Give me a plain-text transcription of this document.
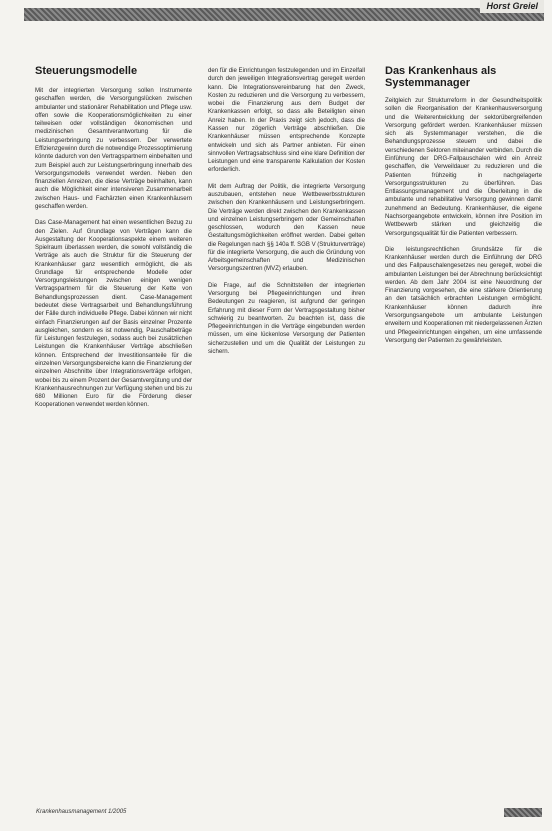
Horst Greiel
Steuerungsmodelle

Mit der integrierten Versorgung sollen Instrumente geschaffen werden, die Versorgungslücken zwischen ambulanter und stationärer Rehabilitation und Pflege usw. offen sowie die Kooperationsmöglichkeiten zu einer teilweisen oder vollständigen ökonomischen und medizinischen Gesamtverantwortung für die Leistungserbringung zu verbessern. Der verwertete Effizienzgewinn durch die notwendige Prozessoptimierung könnte dadurch von den Vertragspartnern einbehalten und zum Beispiel auch zur Leistungserbringung innerhalb des Versorgungsmodells verwendet werden. Neben den finanziellen Anreizen, die diese Verträge beinhalten, kann auch die Möglichkeit einer intensiveren Zusammenarbeit zwischen Haus- und Fachärzten einen Krankenhäusern geschaffen werden.

Das Case-Management hat einen wesentlichen Bezug zu den Zielen. Auf Grundlage von Verträgen kann die Ausgestaltung der Kooperationsaspekte einem weiteren Spielraum überlassen werden, die sowohl vollständig die Verträge als auch die Struktur für die Steuerung der Krankenhäuser ganz wesentlich ermöglicht, die als Grundlage für entsprechende Modelle oder Versorgungsleistungen zwischen einigen wenigen Vertragspartnern für die Steuerung der Kette von Behandlungsprozessen dient. Case-Management bedeutet diese Vertragsarbeit und Behandlungsführung der Fälle durch individuelle Pflege. Dabei können wir nicht einfach Finanzierungen auf der Basis einzelner Prozente ausgleichen, sondern es ist notwendig, Pauschalbeträge für Leistungen festzulegen, sodass auch bei zusätzlichen Leistungen die Krankenhäuser Verträge abschließen können. Entsprechend der Investitionsanteile für die einzelnen Versorgungsbereiche kann die Finanzierung der einzelnen Abschnitte über Integrationsverträge erfolgen, wobei bis zu einem Prozent der Gesamtvergütung und der Krankenhausrechnungen zur Verfügung stehen und bis zu 680 Millionen Euro für die Förderung dieser Kooperationen verwendet werden können.

den für die Einrichtungen festzulegenden und im Einzelfall durch den jeweiligen Integrationsvertrag geregelt werden kann. Die Integrationsvereinbarung hat den Zweck, Kosten zu reduzieren und die Versorgung zu verbessern, wobei die Finanzierung aus dem Budget der Krankenkassen erfolgt, so dass alle Beteiligten einen Anreiz haben. In der Praxis zeigt sich jedoch, dass die Kassen nur zögerlich Verträge abschließen. Die Krankenhäuser müssen entsprechende Konzepte entwickeln und sich als Partner anbieten. Für einen sinnvollen Vertragsabschluss sind eine klare Definition der Leistungen und eine transparente Kalkulation der Kosten erforderlich.

Mit dem Auftrag der Politik, die integrierte Versorgung auszubauen, entstehen neue Wettbewerbsstrukturen zwischen den Krankenhäusern und Leistungserbringern. Die Verträge werden direkt zwischen den Krankenkassen und einzelnen Leistungserbringern oder Gemeinschaften geschlossen, wodurch den Kassen neue Gestaltungsmöglichkeiten eröffnet werden. Dabei gelten die Regelungen nach §§ 140a ff. SGB V (Strukturverträge) für die integrierte Versorgung, die auch die Gründung von Arbeitsgemeinschaften und Medizinischen Versorgungszentren (MVZ) erlauben.

Die Frage, auf die Schnittstellen der integrierten Versorgung bei Pflegeeinrichtungen und ihren Bedeutungen zu reagieren, ist aufgrund der geringen Erfahrung mit dieser Form der Vertragsgestaltung bisher schwierig zu beantworten. Zu beachten ist, dass die Pflegeeinrichtungen in die Verträge eingebunden werden müssen, um eine lückenlose Versorgung der Patienten sicherzustellen und um die Qualität der Leistungen zu sichern.

Das Krankenhaus als Systemmanager

Zeitgleich zur Strukturreform in der Gesundheitspolitik sollen die Reorganisation der Krankenhausversorgung und die Weiterentwicklung der sektorübergreifenden Versorgung gefördert werden. Krankenhäuser müssen sich als Systemmanager verstehen, die die Behandlungsprozesse steuern und dabei die verschiedenen Sektoren miteinander verbinden. Durch die Einführung der DRG-Fallpauschalen wird ein Anreiz geschaffen, die Verweildauer zu reduzieren und die Patienten frühzeitig in nachgelagerte Versorgungsstrukturen zu überführen. Das Entlassungsmanagement und die Überleitung in die ambulante und rehabilitative Versorgung gewinnen damit zunehmend an Bedeutung. Krankenhäuser, die eigene Nachsorgeangebote entwickeln, können ihre Position im Wettbewerb stärken und gleichzeitig die Versorgungsqualität für die Patienten verbessern.

Die leistungsrechtlichen Grundsätze für die Krankenhäuser werden durch die Einführung der DRG und des Fallpauschalengesetzes neu geregelt, wobei die ambulanten Leistungen bei der Abrechnung berücksichtigt werden. Ab dem Jahr 2004 ist eine Neuordnung der Finanzierung vorgesehen, die eine stärkere Orientierung an den tatsächlich erbrachten Leistungen ermöglicht. Krankenhäuser können dadurch ihre Versorgungsangebote um ambulante Leistungen erweitern und Kooperationen mit niedergelassenen Ärzten und Pflegeeinrichtungen eingehen, um eine umfassende Versorgung der Patienten zu gewährleisten.

Krankenhausmanagement 1/2005
